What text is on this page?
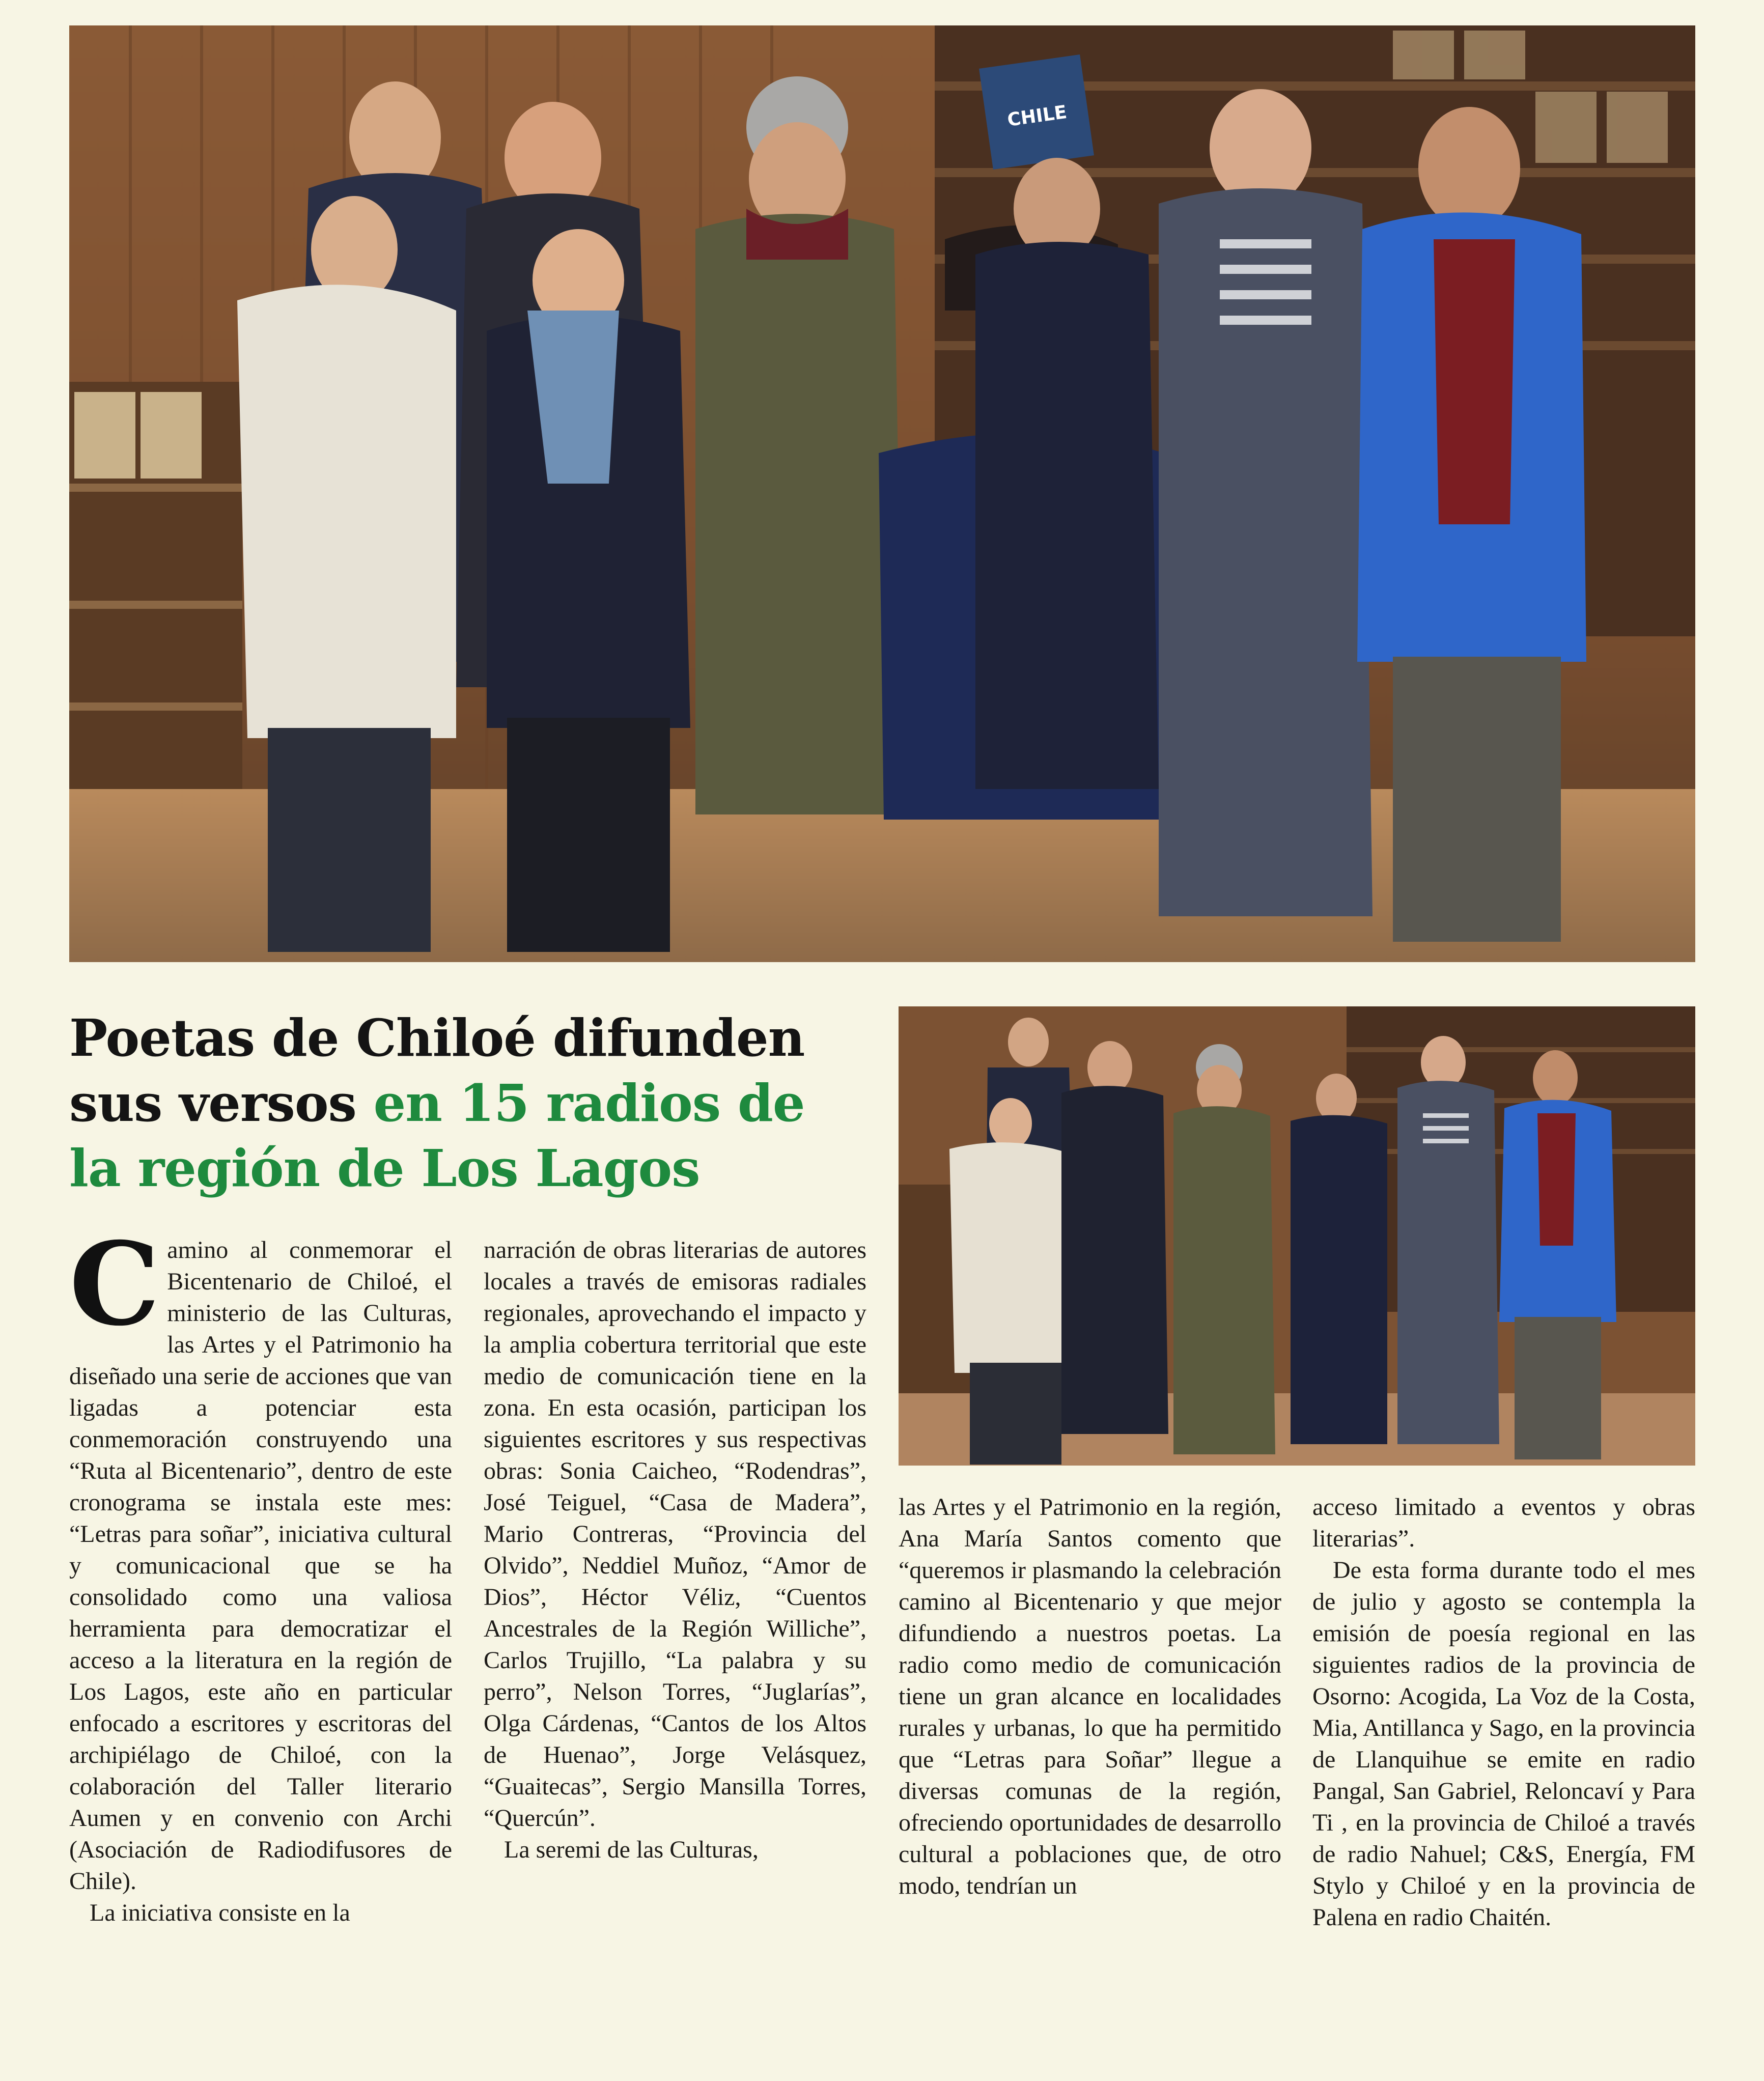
CHILE
Poetas de Chiloé difunden sus versos en 15 radios de la región de Los Lagos

Camino al conmemorar el Bicentenario de Chiloé, el ministerio de las Culturas, las Artes y el Patrimonio ha diseñado una serie de acciones que van ligadas a potenciar esta conmemoración construyendo una “Ruta al Bicentenario”, dentro de este cronograma se instala este mes: “Letras para soñar”, iniciativa cultural y comunicacional que se ha consolidado como una valiosa herramienta para democratizar el acceso a la literatura en la región de Los Lagos, este año en particular enfocado a escritores y escritoras del archipiélago de Chiloé, con la colaboración del Taller literario Aumen y en convenio con Archi (Asociación de Radiodifusores de Chile).

La iniciativa consiste en la

narración de obras literarias de autores locales a través de emisoras radiales regionales, aprovechando el impacto y la amplia cobertura territorial que este medio de comunicación tiene en la zona. En esta ocasión, participan los siguientes escritores y sus respectivas obras: Sonia Caicheo, “Rodendras”, José Teiguel, “Casa de Madera”, Mario Contreras, “Provincia del Olvido”, Neddiel Muñoz, “Amor de Dios”, Héctor Véliz, “Cuentos Ancestrales de la Región Williche”, Carlos Trujillo, “La palabra y su perro”, Nelson Torres, “Juglarías”, Olga Cárdenas, “Cantos de los Altos de Huenao”, Jorge Velásquez, “Guaitecas”, Sergio Mansilla Torres, “Quercún”.

La seremi de las Culturas,

las Artes y el Patrimonio en la región, Ana María Santos comento que “queremos ir plasmando la celebración camino al Bicentenario y que mejor difundiendo a nuestros poetas. La radio como medio de comunicación tiene un gran alcance en localidades rurales y urbanas, lo que ha permitido que “Letras para Soñar” llegue a diversas comunas de la región, ofreciendo oportunidades de desarrollo cultural a poblaciones que, de otro modo, tendrían un

acceso limitado a eventos y obras literarias”.

De esta forma durante todo el mes de julio y agosto se contempla la emisión de poesía regional en las siguientes radios de la provincia de Osorno: Acogida, La Voz de la Costa, Mia, Antillanca y Sago, en la provincia de Llanquihue se emite en radio Pangal, San Gabriel, Reloncaví y Para Ti , en la provincia de Chiloé a través de radio Nahuel; C&S, Energía, FM Stylo y Chiloé y en la provincia de Palena en radio Chaitén.
